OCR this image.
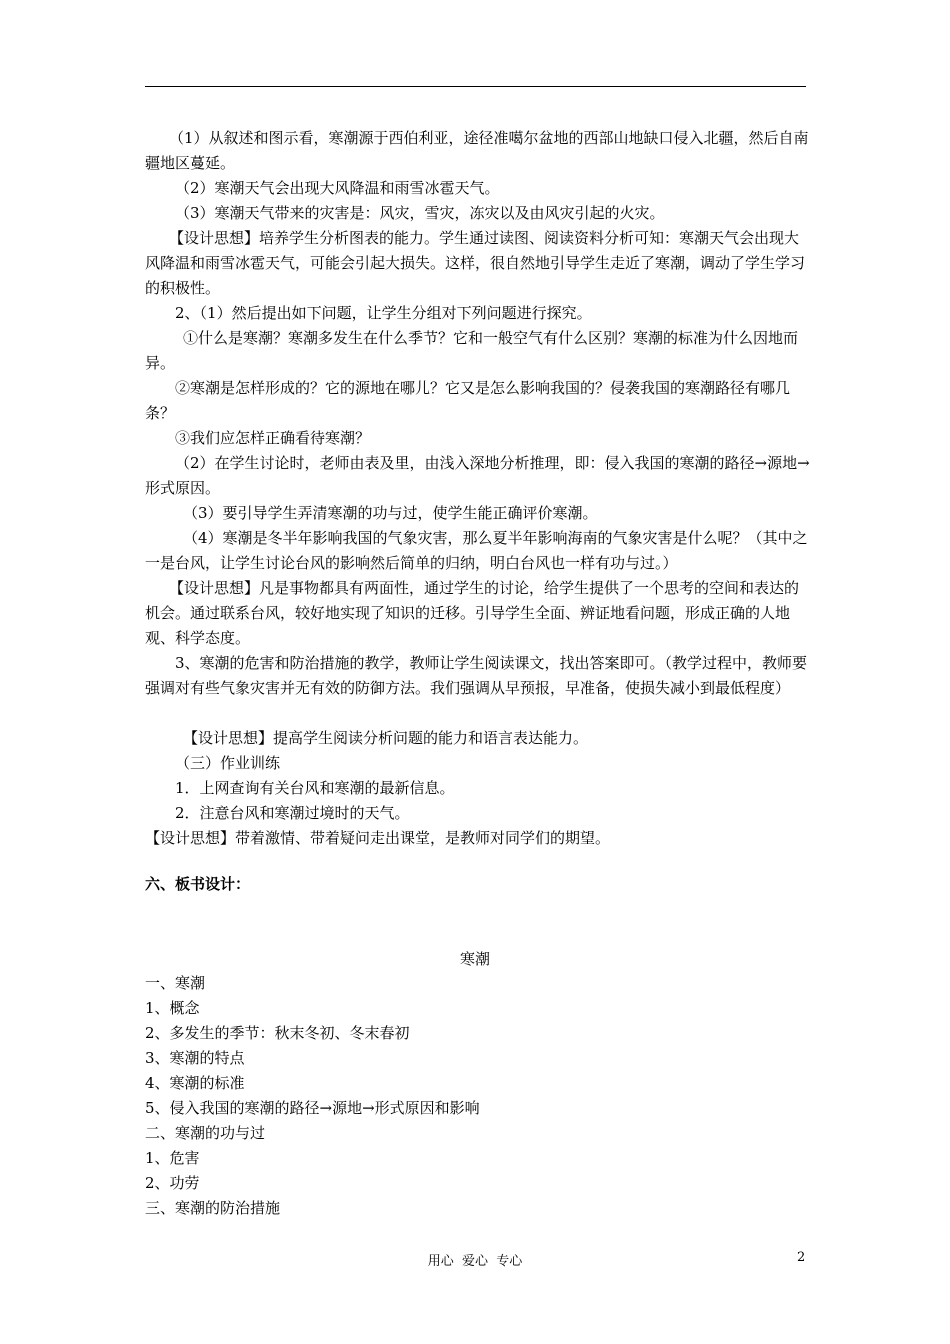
（1）从叙述和图示看，寒潮源于西伯利亚，途径准噶尔盆地的西部山地缺口侵入北疆，然后自南疆地区蔓延。

（2）寒潮天气会出现大风降温和雨雪冰雹天气。

（3）寒潮天气带来的灾害是：风灾，雪灾，冻灾以及由风灾引起的火灾。

【设计思想】培养学生分析图表的能力。学生通过读图、阅读资料分析可知：寒潮天气会出现大风降温和雨雪冰雹天气，可能会引起大损失。这样，很自然地引导学生走近了寒潮，调动了学生学习的积极性。

2、（1）然后提出如下问题，让学生分组对下列问题进行探究。

①什么是寒潮？寒潮多发生在什么季节？它和一般空气有什么区别？寒潮的标准为什么因地而异。

②寒潮是怎样形成的？它的源地在哪儿？它又是怎么影响我国的？侵袭我国的寒潮路径有哪几条？

③我们应怎样正确看待寒潮？

（2）在学生讨论时，老师由表及里，由浅入深地分析推理，即：侵入我国的寒潮的路径→源地→形式原因。

（3）要引导学生弄清寒潮的功与过，使学生能正确评价寒潮。

（4）寒潮是冬半年影响我国的气象灾害，那么夏半年影响海南的气象灾害是什么呢？（其中之一是台风，让学生讨论台风的影响然后简单的归纳，明白台风也一样有功与过。）

【设计思想】凡是事物都具有两面性，通过学生的讨论，给学生提供了一个思考的空间和表达的机会。通过联系台风，较好地实现了知识的迁移。引导学生全面、辨证地看问题，形成正确的人地观、科学态度。

3、寒潮的危害和防治措施的教学，教师让学生阅读课文，找出答案即可。（教学过程中，教师要强调对有些气象灾害并无有效的防御方法。我们强调从早预报，早准备，使损失减小到最低程度）

【设计思想】提高学生阅读分析问题的能力和语言表达能力。

（三）作业训练

1．上网查询有关台风和寒潮的最新信息。

2．注意台风和寒潮过境时的天气。

【设计思想】带着激情、带着疑问走出课堂，是教师对同学们的期望。

六、板书设计：
寒潮
一、寒潮
1、概念
2、多发生的季节：秋末冬初、冬末春初
3、寒潮的特点
4、寒潮的标准
5、侵入我国的寒潮的路径→源地→形式原因和影响
二、寒潮的功与过
1、危害
2、功劳
三、寒潮的防治措施
用心  爱心  专心	2
